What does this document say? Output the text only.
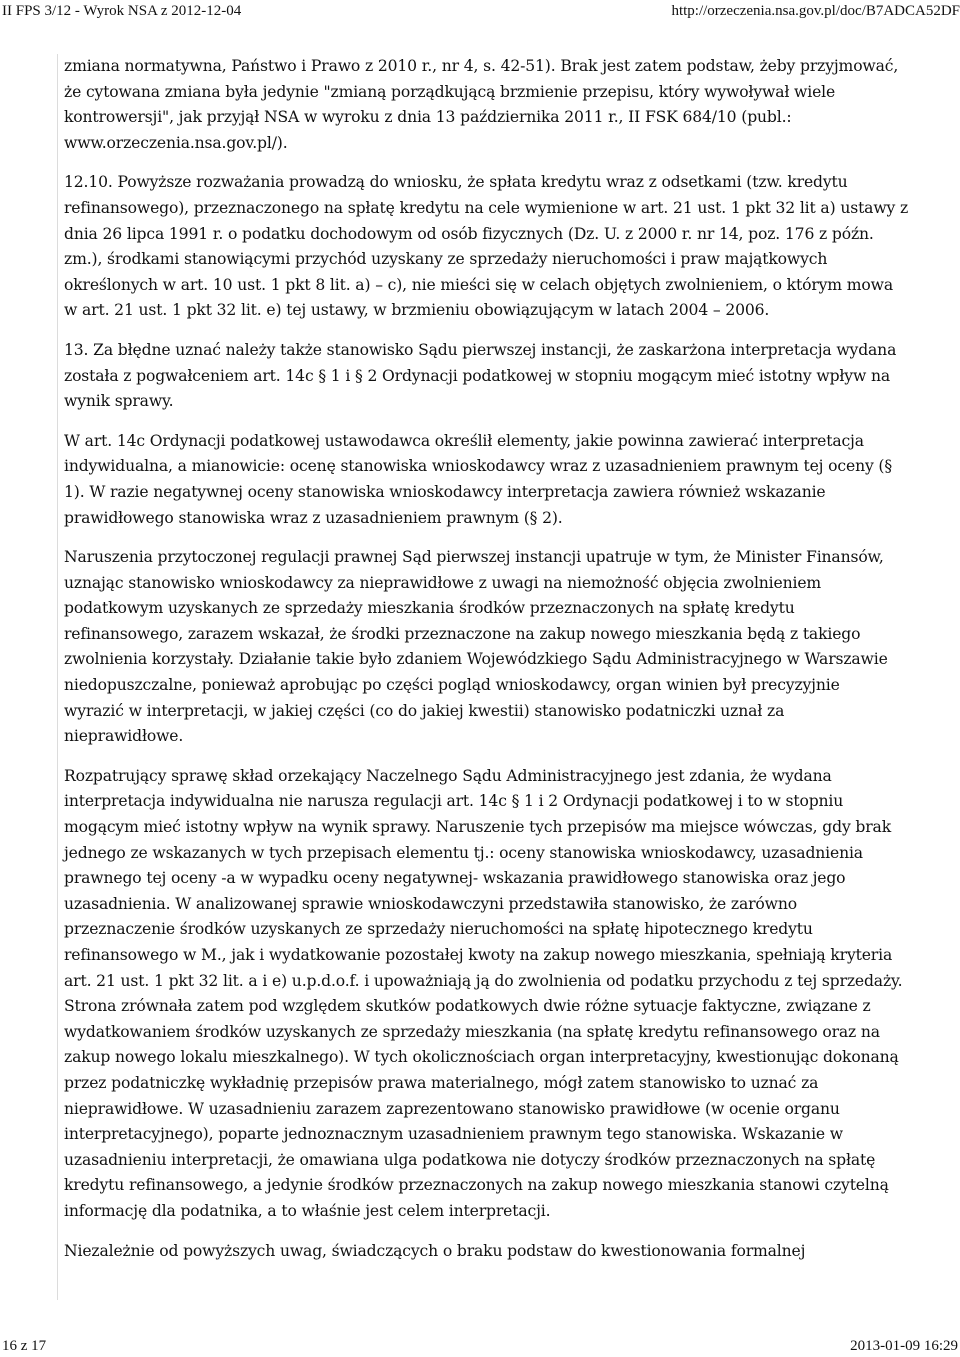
II FPS 3/12 - Wyrok NSA z 2012-12-04	http://orzeczenia.nsa.gov.pl/doc/B7ADCA52DF
zmiana normatywna, Państwo i Prawo z 2010 r., nr 4, s. 42-51). Brak jest zatem podstaw, żeby przyjmować,
że cytowana zmiana była jedynie "zmianą porządkującą brzmienie przepisu, który wywoływał wiele
kontrowersji", jak przyjął NSA w wyroku z dnia 13 października 2011 r., II FSK 684/10 (publ.:
www.orzeczenia.nsa.gov.pl/).
12.10. Powyższe rozważania prowadzą do wniosku, że spłata kredytu wraz z odsetkami (tzw. kredytu
refinansowego), przeznaczonego na spłatę kredytu na cele wymienione w art. 21 ust. 1 pkt 32 lit a) ustawy z
dnia 26 lipca 1991 r. o podatku dochodowym od osób fizycznych (Dz. U. z 2000 r. nr 14, poz. 176 z późn.
zm.), środkami stanowiącymi przychód uzyskany ze sprzedaży nieruchomości i praw majątkowych
określonych w art. 10 ust. 1 pkt 8 lit. a) – c), nie mieści się w celach objętych zwolnieniem, o którym mowa
w art. 21 ust. 1 pkt 32 lit. e) tej ustawy, w brzmieniu obowiązującym w latach 2004 – 2006.
13. Za błędne uznać należy także stanowisko Sądu pierwszej instancji, że zaskarżona interpretacja wydana
została z pogwałceniem art. 14c § 1 i § 2 Ordynacji podatkowej w stopniu mogącym mieć istotny wpływ na
wynik sprawy.
W art. 14c Ordynacji podatkowej ustawodawca określił elementy, jakie powinna zawierać interpretacja
indywidualna, a mianowicie: ocenę stanowiska wnioskodawcy wraz z uzasadnieniem prawnym tej oceny (§
1). W razie negatywnej oceny stanowiska wnioskodawcy interpretacja zawiera również wskazanie
prawidłowego stanowiska wraz z uzasadnieniem prawnym (§ 2).
Naruszenia przytoczonej regulacji prawnej Sąd pierwszej instancji upatruje w tym, że Minister Finansów,
uznając stanowisko wnioskodawcy za nieprawidłowe z uwagi na niemożność objęcia zwolnieniem
podatkowym uzyskanych ze sprzedaży mieszkania środków przeznaczonych na spłatę kredytu
refinansowego, zarazem wskazał, że środki przeznaczone na zakup nowego mieszkania będą z takiego
zwolnienia korzystały. Działanie takie było zdaniem Wojewódzkiego Sądu Administracyjnego w Warszawie
niedopuszczalne, ponieważ aprobując po części pogląd wnioskodawcy, organ winien był precyzyjnie
wyrazić w interpretacji, w jakiej części (co do jakiej kwestii) stanowisko podatniczki uznał za
nieprawidłowe.
Rozpatrujący sprawę skład orzekający Naczelnego Sądu Administracyjnego jest zdania, że wydana
interpretacja indywidualna nie narusza regulacji art. 14c § 1 i 2 Ordynacji podatkowej i to w stopniu
mogącym mieć istotny wpływ na wynik sprawy. Naruszenie tych przepisów ma miejsce wówczas, gdy brak
jednego ze wskazanych w tych przepisach elementu tj.: oceny stanowiska wnioskodawcy, uzasadnienia
prawnego tej oceny -a w wypadku oceny negatywnej- wskazania prawidłowego stanowiska oraz jego
uzasadnienia. W analizowanej sprawie wnioskodawczyni przedstawiła stanowisko, że zarówno
przeznaczenie środków uzyskanych ze sprzedaży nieruchomości na spłatę hipotecznego kredytu
refinansowego w M., jak i wydatkowanie pozostałej kwoty na zakup nowego mieszkania, spełniają kryteria
art. 21 ust. 1 pkt 32 lit. a i e) u.p.d.o.f. i upoważniają ją do zwolnienia od podatku przychodu z tej sprzedaży.
Strona zrównała zatem pod względem skutków podatkowych dwie różne sytuacje faktyczne, związane z
wydatkowaniem środków uzyskanych ze sprzedaży mieszkania (na spłatę kredytu refinansowego oraz na
zakup nowego lokalu mieszkalnego). W tych okolicznościach organ interpretacyjny, kwestionując dokonaną
przez podatniczkę wykładnię przepisów prawa materialnego, mógł zatem stanowisko to uznać za
nieprawidłowe. W uzasadnieniu zarazem zaprezentowano stanowisko prawidłowe (w ocenie organu
interpretacyjnego), poparte jednoznacznym uzasadnieniem prawnym tego stanowiska. Wskazanie w
uzasadnieniu interpretacji, że omawiana ulga podatkowa nie dotyczy środków przeznaczonych na spłatę
kredytu refinansowego, a jedynie środków przeznaczonych na zakup nowego mieszkania stanowi czytelną
informację dla podatnika, a to właśnie jest celem interpretacji.
Niezależnie od powyższych uwag, świadczących o braku podstaw do kwestionowania formalnej
16 z 17	2013-01-09 16:29
